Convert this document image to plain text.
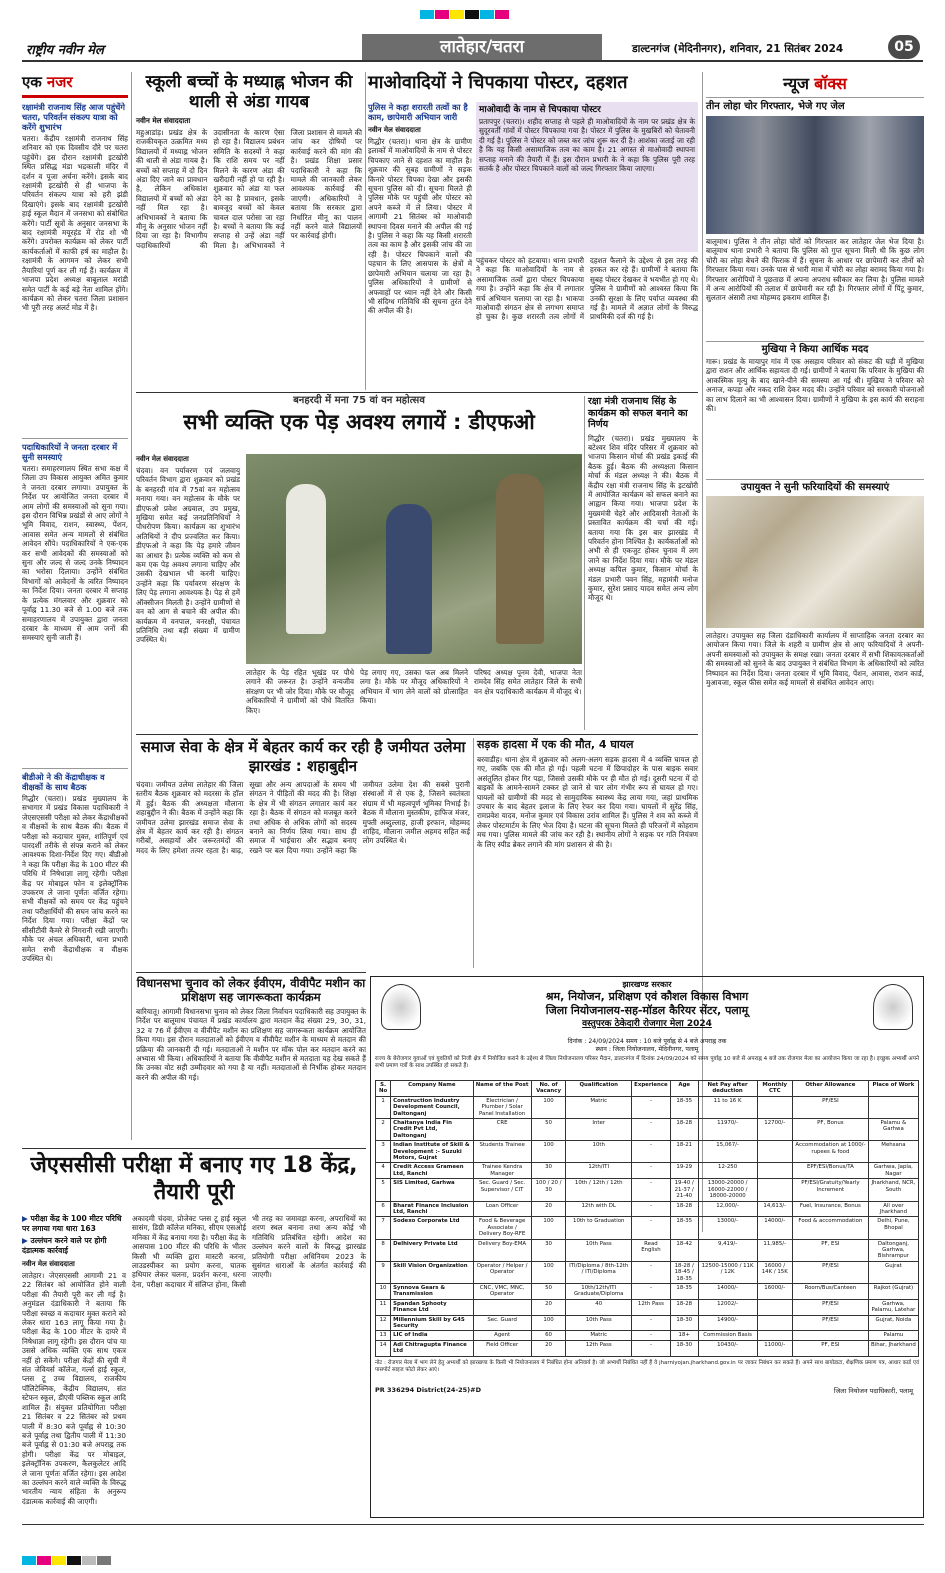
राष्ट्रीय नवीन मेल	लातेहार/चतरा	डाल्टनगंज (मेदिनीनगर), शनिवार, 21 सितंबर 2024	05
एक नजर
रक्षामंत्री राजनाथ सिंह आज पहुंचेंगे चतरा, परिवर्तन संकल्प यात्रा को करेंगे शुभारंभ
चतरा। केंद्रीय रक्षामंत्री राजनाथ सिंह शनिवार को एक दिवसीय दौरे पर चतरा पहुंचेंगे। इस दौरान रक्षामंत्री इटखोरी स्थित प्रसिद्ध मंडा भद्रकाली मंदिर में दर्शन व पूजा अर्चना करेंगे। इसके बाद रक्षामंत्री इटखोरी से ही भाजपा के परिवर्तन संकल्प यात्रा को हरी झंडी दिखाएंगे। इसके बाद रक्षामंत्री इटखोरी हाई स्कूल मैदान में जनसभा को संबोधित करेंगे। पार्टी सूत्रों के अनुसार जनसभा के बाद रक्षामंत्री मयूरहंड में रोड शो भी करेंगे। उपरोक्त कार्यक्रम को लेकर पार्टी कार्यकर्ताओं में काफी हर्ष का माहौल है। रक्षामंत्री के आगमन को लेकर सभी तैयारियां पूर्ण कर ली गई हैं। कार्यक्रम में भाजपा प्रदेश अध्यक्ष बाबूलाल मरांडी समेत पार्टी के कई बड़े नेता शामिल होंगे। कार्यक्रम को लेकर चतरा जिला प्रशासन भी पूरी तरह अलर्ट मोड में है।
पदाधिकारियों ने जनता दरबार में सुनी समस्याएं
चतरा। समाहरणालय स्थित सभा कक्ष में जिला उप विकास आयुक्त अमित कुमार ने जनता दरबार लगाया। उपायुक्त के निर्देश पर आयोजित जनता दरबार में आम लोगों की समस्याओं को सुना गया। इस दौरान विभिन्न प्रखंडों से आए लोगों ने भूमि विवाद, राशन, स्वास्थ्य, पेंशन, आवास समेत अन्य मामलों से संबंधित आवेदन सौंपे। पदाधिकारियों ने एक-एक कर सभी आवेदकों की समस्याओं को सुना और जल्द से जल्द उनके निष्पादन का भरोसा दिलाया। उन्होंने संबंधित विभागों को आवेदनों के त्वरित निष्पादन का निर्देश दिया। जनता दरबार में सप्ताह के प्रत्येक मंगलवार और शुक्रवार को पूर्वाह्न 11.30 बजे से 1.00 बजे तक समाहरणालय में उपायुक्त द्वारा जनता दरबार के माध्यम से आम जनों की समस्याएं सुनी जाती हैं।
बीडीओ ने की केंद्राधीक्षक व वीक्षकों के साथ बैठक
गिद्धौर (चतरा)। प्रखंड मुख्यालय के सभागार में प्रखंड विकास पदाधिकारी ने जेएसएससी परीक्षा को लेकर केंद्राधीक्षकों व वीक्षकों के साथ बैठक की। बैठक में परीक्षा को कदाचार मुक्त, शांतिपूर्ण एवं पारदर्शी तरीके से संपन्न कराने को लेकर आवश्यक दिशा-निर्देश दिए गए। बीडीओ ने कहा कि परीक्षा केंद्र के 100 मीटर की परिधि में निषेधाज्ञा लागू रहेगी। परीक्षा केंद्र पर मोबाइल फोन व इलेक्ट्रॉनिक उपकरण ले जाना पूर्णतः वर्जित रहेगा। सभी वीक्षकों को समय पर केंद्र पहुंचने तथा परीक्षार्थियों की सघन जांच करने का निर्देश दिया गया। परीक्षा केंद्रों पर सीसीटीवी कैमरे से निगरानी रखी जाएगी। मौके पर अंचल अधिकारी, थाना प्रभारी समेत सभी केंद्राधीक्षक व वीक्षक उपस्थित थे।
स्कूली बच्चों के मध्याह्न भोजन की थाली से अंडा गायब
नवीन मेल संवाददाता
महुआडांड़। प्रखंड क्षेत्र के राजकीयकृत उत्क्रमित मध्य विद्यालयों में मध्याह्न भोजन की थाली से अंडा गायब है। बच्चों को सप्ताह में दो दिन अंडा दिए जाने का प्रावधान है, लेकिन अधिकांश विद्यालयों में बच्चों को अंडा नहीं मिल रहा है। अभिभावकों ने बताया कि मीनू के अनुसार भोजन नहीं दिया जा रहा है। विभागीय पदाधिकारियों की उदासीनता के कारण ऐसा हो रहा है। विद्यालय प्रबंधन समिति के सदस्यों ने कहा कि राशि समय पर नहीं मिलने के कारण अंडा की खरीदारी नहीं हो पा रही है। शुक्रवार को अंडा या फल देने का है प्रावधान, इसके बावजूद बच्चों को केवल चावल दाल परोसा जा रहा है। बच्चों ने बताया कि कई सप्ताह से उन्हें अंडा नहीं मिला है। अभिभावकों ने जिला प्रशासन से मामले की जांच कर दोषियों पर कार्रवाई करने की मांग की है। प्रखंड शिक्षा प्रसार पदाधिकारी ने कहा कि मामले की जानकारी लेकर आवश्यक कार्रवाई की जाएगी। अधिकारियों ने बताया कि सरकार द्वारा निर्धारित मीनू का पालन नहीं करने वाले विद्यालयों पर कार्रवाई होगी।
माओवादियों ने चिपकाया पोस्टर, दहशत
पुलिस ने कहा शरारती तत्वों का है काम, छापेमारी अभियान जारी
नवीन मेल संवाददाता
गिद्धौर (चतरा)। थाना क्षेत्र के ग्रामीण इलाकों में माओवादियों के नाम से पोस्टर चिपकाए जाने से दहशत का माहौल है। शुक्रवार की सुबह ग्रामीणों ने सड़क किनारे पोस्टर चिपका देखा और इसकी सूचना पुलिस को दी। सूचना मिलते ही पुलिस मौके पर पहुंची और पोस्टर को अपने कब्जे में ले लिया। पोस्टर में आगामी 21 सितंबर को माओवादी स्थापना दिवस मनाने की अपील की गई है। पुलिस ने कहा कि यह किसी शरारती तत्व का काम है और इसकी जांच की जा रही है। पोस्टर चिपकाने वालों की पहचान के लिए आसपास के क्षेत्रों में छापेमारी अभियान चलाया जा रहा है। पुलिस अधिकारियों ने ग्रामीणों से अफवाहों पर ध्यान नहीं देने और किसी भी संदिग्ध गतिविधि की सूचना तुरंत देने की अपील की है।
माओवादी के नाम से चिपकाया पोस्टर
प्रतापपुर (चतरा)। शहीद सप्ताह से पहले ही माओवादियों के नाम पर प्रखंड क्षेत्र के सुदूरवर्ती गांवों में पोस्टर चिपकाया गया है। पोस्टर में पुलिस के मुखबिरों को चेतावनी दी गई है। पुलिस ने पोस्टर को जब्त कर जांच शुरू कर दी है। आशंका जताई जा रही है कि यह किसी असामाजिक तत्व का काम है। 21 अगस्त से माओवादी स्थापना सप्ताह मनाने की तैयारी में हैं। इस दौरान प्रभारी के ने कहा कि पुलिस पूरी तरह सतर्क है और पोस्टर चिपकाने वालों को जल्द गिरफ्तार किया जाएगा।
पहुंचकर पोस्टर को हटवाया। थाना प्रभारी ने कहा कि माओवादियों के नाम से असामाजिक तत्वों द्वारा पोस्टर चिपकाया गया है। उन्होंने कहा कि क्षेत्र में लगातार सर्च अभियान चलाया जा रहा है। भाकपा माओवादी संगठन क्षेत्र से लगभग समाप्त हो चुका है। कुछ शरारती तत्व लोगों में दहशत फैलाने के उद्देश्य से इस तरह की हरकत कर रहे हैं। ग्रामीणों ने बताया कि सुबह पोस्टर देखकर वे भयभीत हो गए थे। पुलिस ने ग्रामीणों को आश्वस्त किया कि उनकी सुरक्षा के लिए पर्याप्त व्यवस्था की गई है। मामले में अज्ञात लोगों के विरुद्ध प्राथमिकी दर्ज की गई है।
न्यूज बॉक्स
तीन लोहा चोर गिरफ्तार, भेजे गए जेल
बालूमाथ। पुलिस ने तीन लोहा चोरों को गिरफ्तार कर लातेहार जेल भेज दिया है। बालूमाथ थाना प्रभारी ने बताया कि पुलिस को गुप्त सूचना मिली थी कि कुछ लोग चोरी का लोहा बेचने की फिराक में हैं। सूचना के आधार पर छापेमारी कर तीनों को गिरफ्तार किया गया। उनके पास से भारी मात्रा में चोरी का लोहा बरामद किया गया है। गिरफ्तार आरोपियों ने पूछताछ में अपना अपराध स्वीकार कर लिया है। पुलिस मामले में अन्य आरोपियों की तलाश में छापेमारी कर रही है। गिरफ्तार लोगों में पिंटू कुमार, सुलतान अंसारी तथा मोहम्मद इकराम शामिल हैं।
मुखिया ने किया आर्थिक मदद
गारू। प्रखंड के मायापुर गांव में एक असहाय परिवार को संकट की घड़ी में मुखिया द्वारा राशन और आर्थिक सहायता दी गई। ग्रामीणों ने बताया कि परिवार के मुखिया की आकस्मिक मृत्यु के बाद खाने-पीने की समस्या आ गई थी। मुखिया ने परिवार को अनाज, कपड़ा और नकद राशि देकर मदद की। उन्होंने परिवार को सरकारी योजनाओं का लाभ दिलाने का भी आश्वासन दिया। ग्रामीणों ने मुखिया के इस कार्य की सराहना की।
उपायुक्त ने सुनी फरियादियों की समस्याएं
लातेहार। उपायुक्त सह जिला दंडाधिकारी कार्यालय में साप्ताहिक जनता दरबार का आयोजन किया गया। जिले के शहरी व ग्रामीण क्षेत्र से आए फरियादियों ने अपनी-अपनी समस्याओं को उपायुक्त के समक्ष रखा। जनता दरबार में सभी शिकायतकर्ताओं की समस्याओं को सुनने के बाद उपायुक्त ने संबंधित विभाग के अधिकारियों को त्वरित निष्पादन का निर्देश दिया। जनता दरबार में भूमि विवाद, पेंशन, आवास, राशन कार्ड, मुआवजा, स्कूल फीस समेत कई मामलों से संबंधित आवेदन आए।
रक्षा मंत्री राजनाथ सिंह के कार्यक्रम को सफल बनाने का निर्णय
गिद्धौर (चतरा)। प्रखंड मुख्यालय के बटेश्वर शिव मंदिर परिसर में शुक्रवार को भाजपा किसान मोर्चा की प्रखंड इकाई की बैठक हुई। बैठक की अध्यक्षता किसान मोर्चा के मंडल अध्यक्ष ने की। बैठक में केंद्रीय रक्षा मंत्री राजनाथ सिंह के इटखोरी में आयोजित कार्यक्रम को सफल बनाने का आह्वान किया गया। भाजपा प्रदेश के मुख्यमंत्री चेहरे और आदिवासी नेताओं के प्रस्तावित कार्यक्रम की चर्चा की गई। बताया गया कि इस बार झारखंड में परिवर्तन होना निश्चित है। कार्यकर्ताओं को अभी से ही एकजुट होकर चुनाव में लग जाने का निर्देश दिया गया। मौके पर मंडल अध्यक्ष कपिल कुमार, किसान मोर्चा के मंडल प्रभारी पवन सिंह, महामंत्री मनोज कुमार, सुरेश प्रसाद यादव समेत अन्य लोग मौजूद थे।
बनहरदी में मना 75 वां वन महोत्सव
सभी व्यक्ति एक पेड़ अवश्य लगायें : डीएफओ
नवीन मेल संवाददाता
चंदवा। वन पर्यावरण एवं जलवायु परिवर्तन विभाग द्वारा शुक्रवार को प्रखंड के बनहरदी गांव में 75वां वन महोत्सव मनाया गया। वन महोत्सव के मौके पर डीएफओ प्रवेश अग्रवाल, उप प्रमुख, मुखिया समेत कई जनप्रतिनिधियों ने पौधरोपण किया। कार्यक्रम का शुभारंभ अतिथियों ने दीप प्रज्वलित कर किया। डीएफओ ने कहा कि पेड़ हमारे जीवन का आधार है। प्रत्येक व्यक्ति को कम से कम एक पेड़ अवश्य लगाना चाहिए और उसकी देखभाल भी करनी चाहिए। उन्होंने कहा कि पर्यावरण संरक्षण के लिए पेड़ लगाना आवश्यक है। पेड़ से हमें ऑक्सीजन मिलती है। उन्होंने ग्रामीणों से वन को आग से बचाने की अपील की। कार्यक्रम में वनपाल, वनरक्षी, पंचायत प्रतिनिधि तथा बड़ी संख्या में ग्रामीण उपस्थित थे।
लातेहार के पेड़ रहित भूखंड पर पौधे लगाने की जरूरत है। उन्होंने वन्यजीव संरक्षण पर भी जोर दिया। मौके पर मौजूद अधिकारियों ने ग्रामीणों को पौधे वितरित किए।
पेड़ लगाए गए, उसका फल अब मिलने लगा है। मौके पर मौजूद अधिकारियों ने अभियान में भाग लेने वालों को प्रोत्साहित किया।
परिषद अध्यक्ष पूनम देवी, भाजपा नेता रामदेव सिंह समेत लातेहार जिले के सभी वन क्षेत्र पदाधिकारी कार्यक्रम में मौजूद थे।
समाज सेवा के क्षेत्र में बेहतर कार्य कर रही है जमीयत उलेमा झारखंड : शहाबुद्दीन
चंदवा। जमीयत उलेमा लातेहार की जिला स्तरीय बैठक शुक्रवार को मदरसा के हॉल में हुई। बैठक की अध्यक्षता मौलाना शहाबुद्दीन ने की। बैठक में उन्होंने कहा कि जमीयत उलेमा झारखंड समाज सेवा के क्षेत्र में बेहतर कार्य कर रही है। संगठन गरीबों, असहायों और जरूरतमंदों की मदद के लिए हमेशा तत्पर रहता है। बाढ़, सूखा और अन्य आपदाओं के समय भी संगठन ने पीड़ितों की मदद की है। शिक्षा के क्षेत्र में भी संगठन लगातार कार्य कर रहा है। बैठक में संगठन को मजबूत करने तथा अधिक से अधिक लोगों को सदस्य बनाने का निर्णय लिया गया। साथ ही समाज में भाईचारा और सद्भाव बनाए रखने पर बल दिया गया। उन्होंने कहा कि जमीयत उलेमा देश की सबसे पुरानी संस्थाओं में से एक है, जिसने स्वतंत्रता संग्राम में भी महत्वपूर्ण भूमिका निभाई है। बैठक में मौलाना मुस्तकीम, हाफिज मंजर, मुफ्ती अब्दुल्लाह, हाजी इरफान, मोहम्मद शाहिद, मौलाना जमील अहमद सहित कई लोग उपस्थित थे।
सड़क हादसा में एक की मौत, 4 घायल
बरवाडीह। थाना क्षेत्र में शुक्रवार को अलग-अलग सड़क हादसा में 4 व्यक्ति घायल हो गए, जबकि एक की मौत हो गई। पहली घटना में छिपादोहर के पास बाइक सवार असंतुलित होकर गिर पड़ा, जिससे उसकी मौके पर ही मौत हो गई। दूसरी घटना में दो बाइकों के आमने-सामने टक्कर हो जाने से चार लोग गंभीर रूप से घायल हो गए। घायलों को ग्रामीणों की मदद से सामुदायिक स्वास्थ्य केंद्र लाया गया, जहां प्राथमिक उपचार के बाद बेहतर इलाज के लिए रेफर कर दिया गया। घायलों में सुरेंद्र सिंह, रामप्रवेश यादव, मनोज कुमार एवं विकास उरांव शामिल हैं। पुलिस ने शव को कब्जे में लेकर पोस्टमार्टम के लिए भेज दिया है। घटना की सूचना मिलते ही परिजनों में कोहराम मच गया। पुलिस मामले की जांच कर रही है। स्थानीय लोगों ने सड़क पर गति नियंत्रण के लिए स्पीड ब्रेकर लगाने की मांग प्रशासन से की है।
विधानसभा चुनाव को लेकर ईवीएम, वीवीपैट मशीन का प्रशिक्षण सह जागरूकता कार्यक्रम
बारियातू। आगामी विधानसभा चुनाव को लेकर जिला निर्वाचन पदाधिकारी सह उपायुक्त के निर्देश पर बालूमाथ पंचायत में प्रखंड कार्यालय द्वारा मतदान केंद्र संख्या 29, 30, 31, 32 व 76 में ईवीएम व वीवीपैट मशीन का प्रशिक्षण सह जागरूकता कार्यक्रम आयोजित किया गया। इस दौरान मतदाताओं को ईवीएम व वीवीपैट मशीन के माध्यम से मतदान की प्रक्रिया की जानकारी दी गई। मतदाताओं ने मशीन पर मॉक पोल कर मतदान करने का अभ्यास भी किया। अधिकारियों ने बताया कि वीवीपैट मशीन से मतदाता यह देख सकते हैं कि उनका वोट सही उम्मीदवार को गया है या नहीं। मतदाताओं से निर्भीक होकर मतदान करने की अपील की गई।
झारखण्ड सरकार
श्रम, नियोजन, प्रशिक्षण एवं कौशल विकास विभाग
जिला नियोजनालय-सह-मॉडल कैरियर सेंटर, पलामू
वस्तुपरक ठेकेदारी रोजगार मेला 2024
दिनांक : 24/09/2024 समय : 10 बजे पूर्वाह्न से 4 बजे अपराह्न तक
स्थान : जिला नियोजनालय, मेदिनीनगर, पलामू
राज्य के बेरोजगार युवाओं एवं युवतियों को निजी क्षेत्र में नियोजित कराने के उद्देश्य से जिला नियोजनालय परिसर मैदान, डाल्टनगंज में दिनांक 24/09/2024 को समय पूर्वाह्न 10 बजे से अपराह्न 4 बजे तक रोजगार मेला का आयोजन किया जा रहा है। इच्छुक अभ्यर्थी अपने सभी प्रमाण पत्रों के साथ उपस्थित हो सकते हैं।
S. No	Company Name	Name of the Post	No. of Vacancy	Qualification	Experience	Age	Net Pay after deduction	Monthly CTC	Other Allowance	Place of Work
1	Construction Industry Development Council, Daltonganj	Electrician / Plumber / Solar Panel Installation	100	Matric	-	18-35	11 to 16 K		PF/ESI	
2	Chaitanya India Fin Credit Pvt Ltd, Daltonganj	CRE	50	Inter	-	18-28	11970/-	12700/-	PF, Bonus	Palamu & Garhwa
3	Indian Institute of Skill & Development :- Suzuki Motors, Gujrat	Students Trainee	100	10th	-	18-21	15,067/-		Accommodation at 1000/- rupees & food	Mehsana
4	Credit Access Grameen Ltd, Ranchi	Trainee Kendra Manager	30	12th/ITI	-	19-29	12-250		EPF/ESI/Bonus/TA	Garhwa, Japla, Nagar
5	SIS Limited, Garhwa	Sec. Guard / Sec. Supervisor / CIT	100 / 20 / 30	10th / 12th / 12th	-	19-40 / 21-37 / 21-40	13000-20000 / 16000-22000 / 18000-20000		PF/ESI/Gratuity/Yearly Increment	Jharkhand, NCR, South
6	Bharat Finance Inclusion Ltd, Ranchi	Loan Officer	20	12th with DL	-	18-28	12,000/-	14,613/-	Fuel, Insurance, Bonus	All over Jharkhand
7	Sodexo Corporate Ltd	Food & Beverage Associate / Delivery Boy-RFE	100	10th to Graduation	-	18-35	13000/-	14000/-	Food & accommodation	Delhi, Pune, Bhopal
8	Delhivery Private Ltd	Delivery Boy-EMA	30	10th Pass	Read English	18-42	9,419/-	11,985/-	PF, ESI	Daltonganj, Garhwa, Bishrampur
9	Skill Vision Organization	Operator / Helper / Operator	100	ITI/Diploma / 8th-12th / ITI/Diploma	-	18-28 / 18-45 / 18-35	12500-15000 / 11K / 12K	16000 / 14K / 15K	PF/ESI	Gujrat
10	Synnova Gears & Transmission	CNC, VMC, MNC, Operator	50	10th/12th/ITI Graduate/Diploma	-	18-35	14000/-	16000/-	Room/Bus/Canteen	Rajkot (Gujrat)
11	Spandan Sphooty Finance Ltd		20	40	12th Pass	18-28	12002/-		PF/ESI	Garhwa, Palamu, Latehar
12	Millennium Skill by G4S Security	Sec. Guard	100	10th Pass	-	18-30	14900/-		PF/ESI	Gujrat, Noida
13	LIC of India	Agent	60	Matric	-	18+	Commission Basis			Palamu
14	Adi Chitragupta Finance Ltd	Field Officer	20	12th Pass	-	18-30	10430/-	11000/-	PF, ESI	Bihar, Jharkhand
नोट : रोजगार मेला में भाग लेने हेतु अभ्यर्थी को झारखण्ड के किसी भी नियोजनालय में निबंधित होना अनिवार्य है। जो अभ्यर्थी निबंधित नहीं हैं वे jharniyojan.jharkhand.gov.in पर जाकर निबंधन कर सकते हैं। अपने साथ बायोडाटा, शैक्षणिक प्रमाण पत्र, आधार कार्ड एवं पासपोर्ट साइज फोटो लेकर आएं।
PR 336294 District(24-25)#D	जिला नियोजन पदाधिकारी, पलामू
जेएससीसी परीक्षा में बनाए गए 18 केंद्र, तैयारी पूरी
▶ परीक्षा केंद्र के 100 मीटर परिधि पर लगाया गया धारा 163
▶ उल्लंघन करने वाले पर होगी दंडात्मक कार्रवाई
नवीन मेल संवाददाता
लातेहार। जेएसएससी आगामी 21 व 22 सितंबर को आयोजित होने वाली परीक्षा की तैयारी पूरी कर ली गई है। अनुमंडल दंडाधिकारी ने बताया कि परीक्षा स्वच्छ व कदाचार मुक्त कराने को लेकर धारा 163 लागू किया गया है। परीक्षा केंद्र के 100 मीटर के दायरे में निषेधाज्ञा लागू रहेगी। इस दौरान पांच या उससे अधिक व्यक्ति एक साथ एकत्र नहीं हो सकेंगे। परीक्षा केंद्रों की सूची में संत जेवियर्स कॉलेज, गर्ल्स हाई स्कूल, प्लस टू उच्च विद्यालय, राजकीय पॉलिटेक्निक, केंद्रीय विद्यालय, संत स्टेफन स्कूल, डीएवी पब्लिक स्कूल आदि शामिल हैं। संयुक्त प्रतियोगिता परीक्षा 21 सितंबर व 22 सितंबर को प्रथम पाली में 8:30 बजे पूर्वाह्न से 10:30 बजे पूर्वाह्न तथा द्वितीय पाली में 11:30 बजे पूर्वाह्न से 01:30 बजे अपराह्न तक होगी। परीक्षा केंद्र पर मोबाइल, इलेक्ट्रॉनिक उपकरण, कैलकुलेटर आदि ले जाना पूर्णतः वर्जित रहेगा। इस आदेश का उल्लंघन करने वाले व्यक्ति के विरुद्ध भारतीय न्याय संहिता के अनुरूप दंडात्मक कार्रवाई की जाएगी।
अकादमी चंदवा, प्रोजेक्ट प्लस टू हाई स्कूल सासंग, डिग्री कॉलेज मनिका, सीएम एसओई मनिका में केंद्र बनाया गया है। परीक्षा केंद्र के आसपास 100 मीटर की परिधि के भीतर किसी भी व्यक्ति द्वारा मास्टरी करना, लाउडस्पीकर का प्रयोग करना, घातक हथियार लेकर चलना, प्रदर्शन करना, धरना देना, परीक्षा कदाचार में संलिप्त होना, किसी भी तरह का जमावड़ा करना, अपराधियों का शरण स्थल बनाना तथा अन्य कोई भी गतिविधि प्रतिबंधित रहेगी। आदेश का उल्लंघन करने वालों के विरुद्ध झारखंड प्रतियोगी परीक्षा अधिनियम 2023 के सुसंगत धाराओं के अंतर्गत कार्रवाई की जाएगी।
